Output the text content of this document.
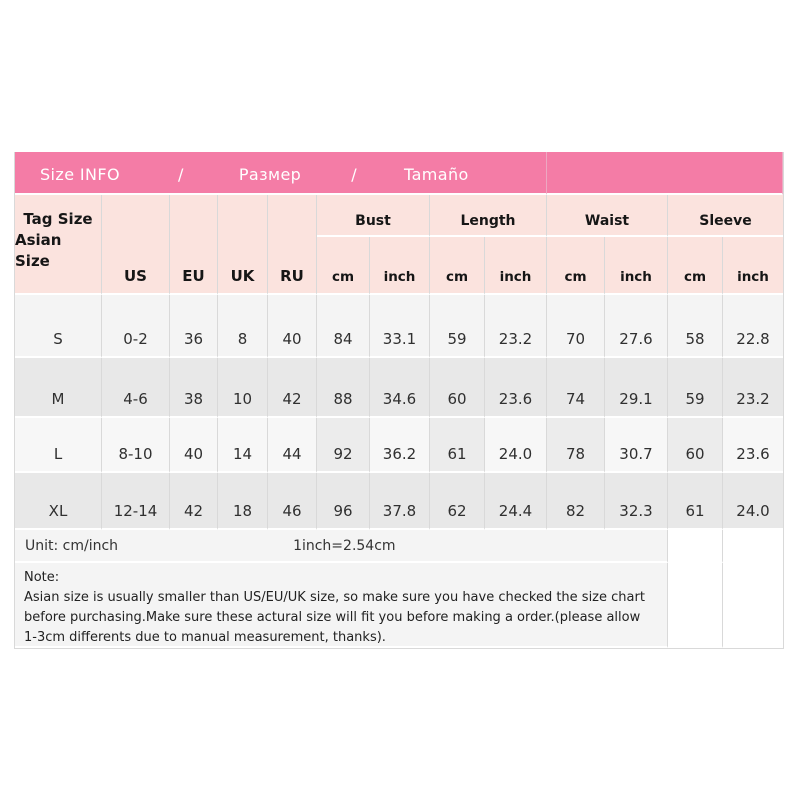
Size INFO	/	Размер	/	Tamaño
Tag Size
Asian Size
US	EU	UK	RU
Bust	Length	Waist	Sleeve
cm	inch	cm	inch	cm	inch	cm	inch
S	0-2	36	8	40	84	33.1	59	23.2	70	27.6	58	22.8
M	4-6	38	10	42	88	34.6	60	23.6	74	29.1	59	23.2
L	8-10	40	14	44	92	36.2	61	24.0	78	30.7	60	23.6
XL	12-14	42	18	46	96	37.8	62	24.4	82	32.3	61	24.0
Unit: cm/inch	1inch=2.54cm
Note:
Asian size is usually smaller than US/EU/UK size, so make sure you have checked the size chart
before purchasing.Make sure these actural size will fit you before making a order.(please allow
1-3cm differents due to manual measurement, thanks).
